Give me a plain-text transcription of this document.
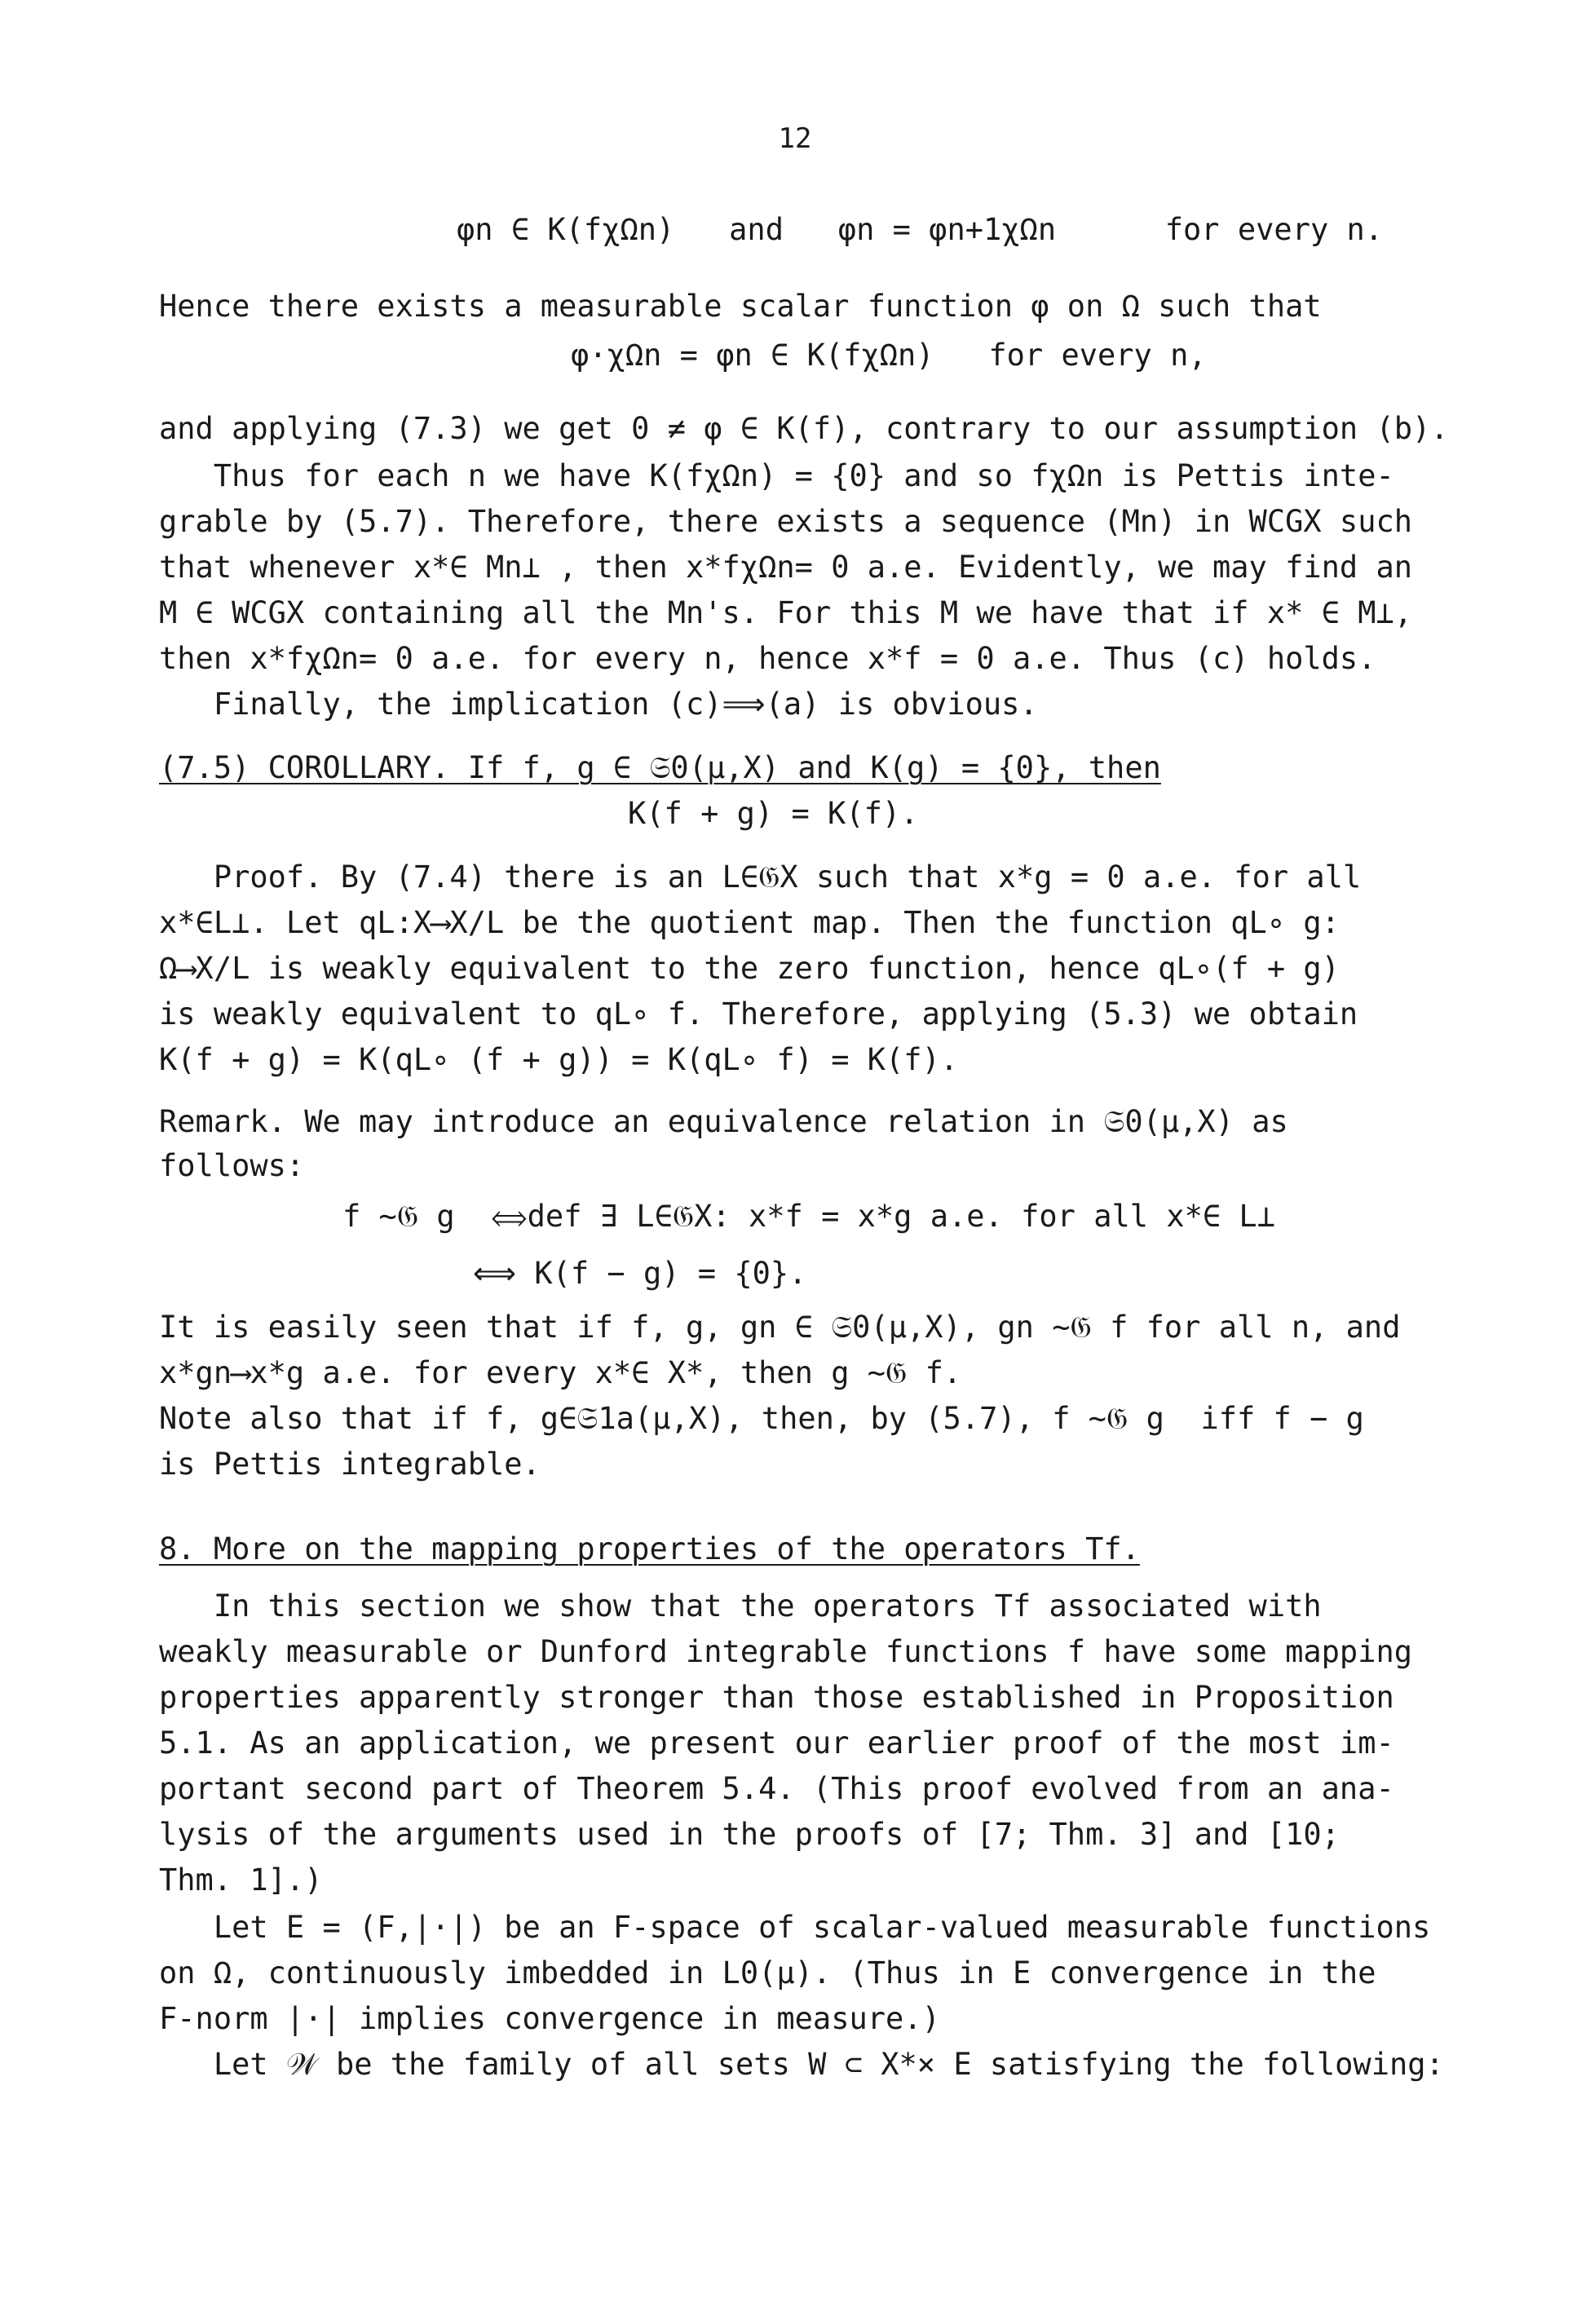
12
φn ∈ K(fχΩn)   and   φn = φn+1χΩn      for every n.
Hence there exists a measurable scalar function φ on Ω such that
φ·χΩn = φn ∈ K(fχΩn)   for every n,
and applying (7.3) we get 0 ≠ φ ∈ K(f), contrary to our assumption (b).
Thus for each n we have K(fχΩn) = {0} and so fχΩn is Pettis inte-
grable by (5.7). Therefore, there exists a sequence (Mn) in WCGX such
that whenever x*∈ Mn⊥ , then x*fχΩn= 0 a.e. Evidently, we may find an
M ∈ WCGX containing all the Mn's. For this M we have that if x* ∈ M⊥,
then x*fχΩn= 0 a.e. for every n, hence x*f = 0 a.e. Thus (c) holds.
Finally, the implication (c)⟹(a) is obvious.
(7.5) COROLLARY. If f, g ∈ 𝔖0(μ,X) and K(g) = {0}, then
K(f + g) = K(f).
Proof. By (7.4) there is an L∈𝔊X such that x*g = 0 a.e. for all
x*∈L⊥. Let qL:X⟶X/L be the quotient map. Then the function qL∘ g:
Ω⟶X/L is weakly equivalent to the zero function, hence qL∘(f + g)
is weakly equivalent to qL∘ f. Therefore, applying (5.3) we obtain
K(f + g) = K(qL∘ (f + g)) = K(qL∘ f) = K(f).
Remark. We may introduce an equivalence relation in 𝔖0(μ,X) as
follows:
f ∼𝔊 g  ⟺def ∃ L∈𝔊X: x*f = x*g a.e. for all x*∈ L⊥
⟺ K(f − g) = {0}.
It is easily seen that if f, g, gn ∈ 𝔖0(μ,X), gn ∼𝔊 f for all n, and
x*gn⟶x*g a.e. for every x*∈ X*, then g ∼𝔊 f.
Note also that if f, g∈𝔖1a(μ,X), then, by (5.7), f ∼𝔊 g  iff f − g
is Pettis integrable.
8. More on the mapping properties of the operators Tf.
In this section we show that the operators Tf associated with
weakly measurable or Dunford integrable functions f have some mapping
properties apparently stronger than those established in Proposition
5.1. As an application, we present our earlier proof of the most im-
portant second part of Theorem 5.4. (This proof evolved from an ana-
lysis of the arguments used in the proofs of [7; Thm. 3] and [10;
Thm. 1].)
Let E = (F,|·|) be an F-space of scalar-valued measurable functions
on Ω, continuously imbedded in L0(μ). (Thus in E convergence in the
F-norm |·| implies convergence in measure.)
Let 𝒲 be the family of all sets W ⊂ X*× E satisfying the following:
